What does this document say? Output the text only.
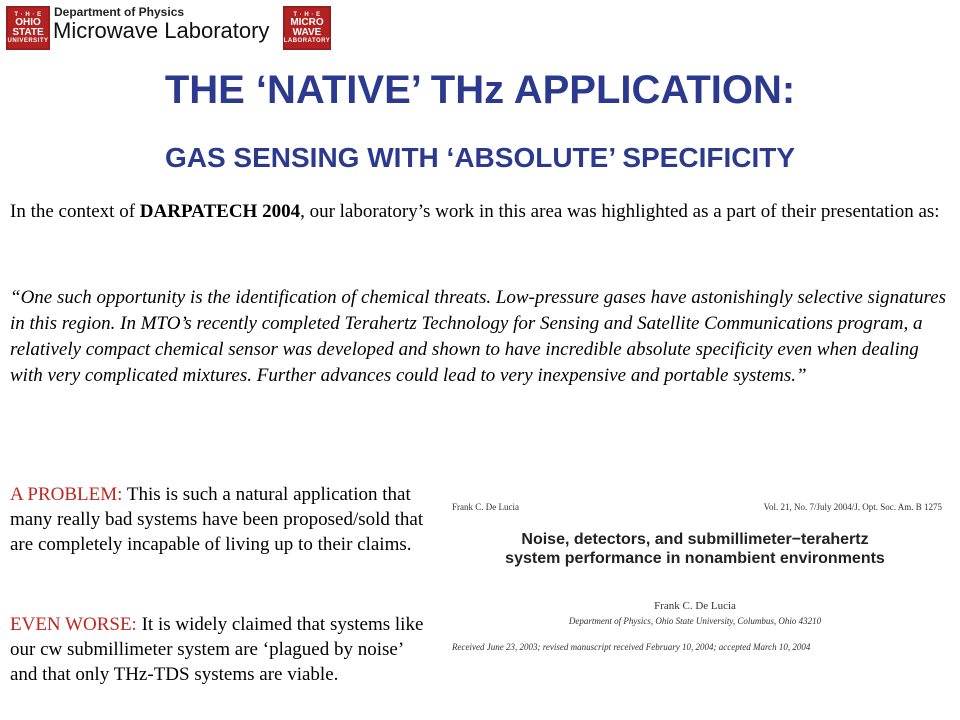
T · H · E
OHIO
STATE
UNIVERSITY
Department of Physics
Microwave Laboratory
T · H · E
MICRO
WAVE
LABORATORY
THE ‘NATIVE’ THz APPLICATION:
GAS SENSING WITH ‘ABSOLUTE’ SPECIFICITY
In the context of DARPATECH 2004, our laboratory’s work in this area was highlighted as a part of their presentation as:
“One such opportunity is the identification of chemical threats. Low-pressure gases have astonishingly selective signatures in this region. In MTO’s recently completed Terahertz Technology for Sensing and Satellite Communications program, a relatively compact chemical sensor was developed and shown to have incredible absolute specificity even when dealing with very complicated mixtures. Further advances could lead to very inexpensive and portable systems.”
A PROBLEM: This is such a natural application that many really bad systems have been proposed/sold that are completely incapable of living up to their claims.
EVEN WORSE: It is widely claimed that systems like our cw submillimeter system are ‘plagued by noise’ and that only THz-TDS systems are viable.
Frank C. De Lucia	Vol. 21, No. 7/July 2004/J. Opt. Soc. Am. B 1275
Noise, detectors, and submillimeter−terahertz
system performance in nonambient environments
Frank C. De Lucia
Department of Physics, Ohio State University, Columbus, Ohio 43210
Received June 23, 2003; revised manuscript received February 10, 2004; accepted March 10, 2004
